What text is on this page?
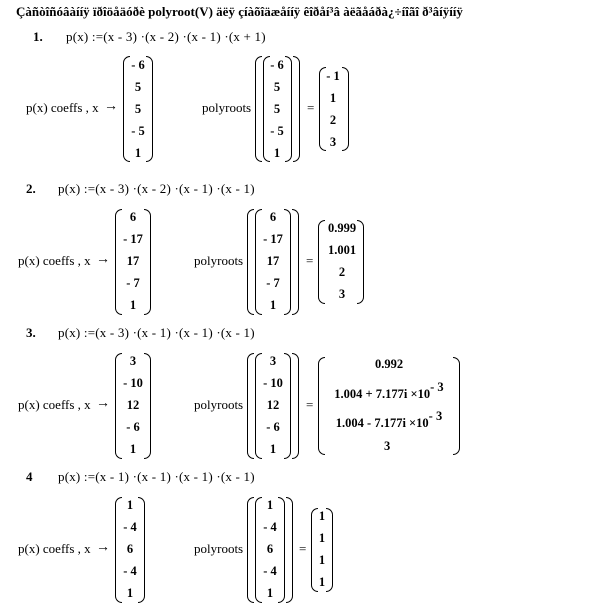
Çàñòîñóâàííÿ ïðîöåäóðè polyroot(V) äëÿ çíàõîäæåííÿ êîðåí³â àëãåáðà¿÷íîãî ð³âíÿííÿ
1. p(x) :=(x - 3) ·(x - 2) ·(x - 1) ·(x + 1)
p(x) coeffs , x →
- 6
5
5
- 5
1
polyroots
- 6
5
5
- 5
1
=
- 1
1
2
3
2. p(x) :=(x - 3) ·(x - 2) ·(x - 1) ·(x - 1)
p(x) coeffs , x →
6
- 17
17
- 7
1
polyroots
6
- 17
17
- 7
1
=
0.999
1.001
2
3
3. p(x) :=(x - 3) ·(x - 1) ·(x - 1) ·(x - 1)
p(x) coeffs , x →
3
- 10
12
- 6
1
polyroots
3
- 10
12
- 6
1
=
0.992
1.004 + 7.177i ×10- 3
1.004 - 7.177i ×10- 3
3
4 p(x) :=(x - 1) ·(x - 1) ·(x - 1) ·(x - 1)
p(x) coeffs , x →
1
- 4
6
- 4
1
polyroots
1
- 4
6
- 4
1
=
1
1
1
1
